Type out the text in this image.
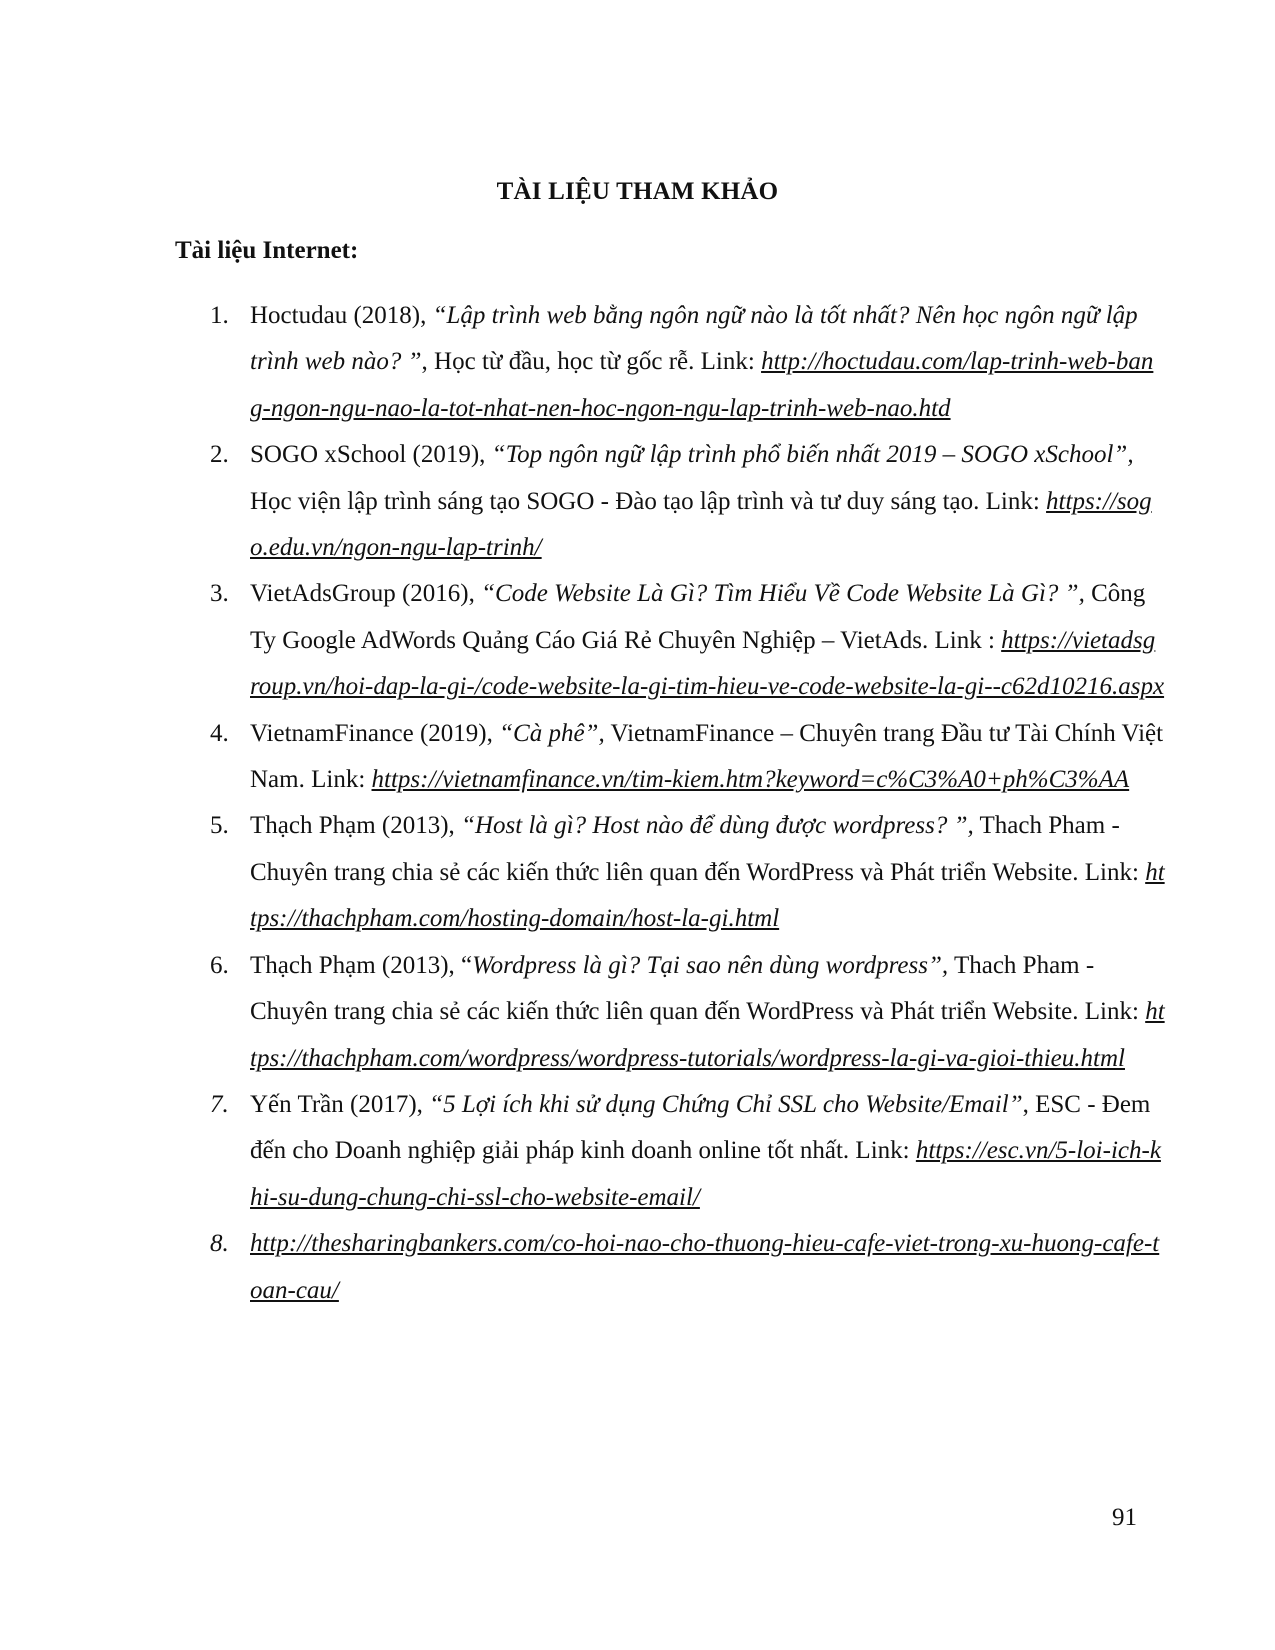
TÀI LIỆU THAM KHẢO
Tài liệu Internet:
1. Hoctudau (2018), “Lập trình web bằng ngôn ngữ nào là tốt nhất? Nên học ngôn ngữ lập trình web nào? ”, Học từ đầu, học từ gốc rễ. Link: http://hoctudau.com/lap-trinh-web-bang-ngon-ngu-nao-la-tot-nhat-nen-hoc-ngon-ngu-lap-trinh-web-nao.htd
2. SOGO xSchool (2019), “Top ngôn ngữ lập trình phổ biến nhất 2019 – SOGO xSchool”, Học viện lập trình sáng tạo SOGO - Đào tạo lập trình và tư duy sáng tạo. Link: https://sogo.edu.vn/ngon-ngu-lap-trinh/
3. VietAdsGroup (2016), “Code Website Là Gì? Tìm Hiểu Về Code Website Là Gì? ”, Công Ty Google AdWords Quảng Cáo Giá Rẻ Chuyên Nghiệp – VietAds. Link : https://vietadsgroup.vn/hoi-dap-la-gi-/code-website-la-gi-tim-hieu-ve-code-website-la-gi--c62d10216.aspx
4. VietnamFinance (2019), “Cà phê”, VietnamFinance – Chuyên trang Đầu tư Tài Chính Việt Nam. Link: https://vietnamfinance.vn/tim-kiem.htm?keyword=c%C3%A0+ph%C3%AA
5. Thạch Phạm (2013), “Host là gì? Host nào để dùng được wordpress? ”, Thach Pham - Chuyên trang chia sẻ các kiến thức liên quan đến WordPress và Phát triển Website. Link: https://thachpham.com/hosting-domain/host-la-gi.html
6. Thạch Phạm (2013), “Wordpress là gì? Tại sao nên dùng wordpress”, Thach Pham - Chuyên trang chia sẻ các kiến thức liên quan đến WordPress và Phát triển Website. Link: https://thachpham.com/wordpress/wordpress-tutorials/wordpress-la-gi-va-gioi-thieu.html
7. Yến Trần (2017), “5 Lợi ích khi sử dụng Chứng Chỉ SSL cho Website/Email”, ESC - Đem đến cho Doanh nghiệp giải pháp kinh doanh online tốt nhất. Link: https://esc.vn/5-loi-ich-khi-su-dung-chung-chi-ssl-cho-website-email/
8. http://thesharingbankers.com/co-hoi-nao-cho-thuong-hieu-cafe-viet-trong-xu-huong-cafe-toan-cau/
91
